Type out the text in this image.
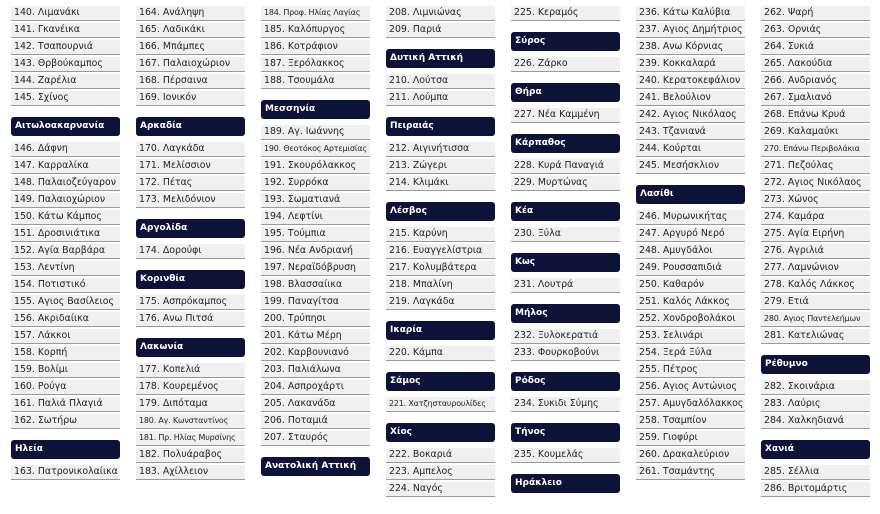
140. Λιμανάκι
141. Γκανέικα
142. Τσαπουρνιά
143. Θρβούκαμπος
144. Ζαρέλια
145. Σχίνος
Αιτωλοακαρνανία
146. Δάφνη
147. Καρραλίκα
148. Παλαιοζεύγαρον
149. Παλαιοχώριον
150. Κάτω Κάμπος
151. Δροσινιάτικα
152. Αγία Βαρβάρα
153. Λεντίνη
154. Ποτιστικό
155. Αγιος Βασίλειος
156. Ακριδαίικα
157. Λάκκοι
158. Κορπή
159. Βολίμι
160. Ρούγα
161. Παλιά Πλαγιά
162. Σωτήρω
Ηλεία
163. Πατρονικολαίικα
164. Ανάληψη
165. Λαδικάκι
166. Μπάμπες
167. Παλαιοχώριον
168. Πέρσαινα
169. Ιονικόν
Αρκαδία
170. Λαγκάδα
171. Μελίσσιον
172. Πέτας
173. Μελιδόνιον
Αργολίδα
174. Δορούφι
Κορινθία
175. Ασπρόκαμπος
176. Ανω Πιτσά
Λακωνία
177. Κοπελιά
178. Κουρεμένος
179. Διπόταμα
180. Αγ. Κωνσταντίνος
181. Πρ. Ηλίας Μυρσίνης
182. Πολυάραβος
183. Αχίλλειον
184. Προφ. Ηλίας Λαγίας
185. Καλόπυργος
186. Κοτράφιον
187. Ξερόλακκος
188. Τσουμάλα
Μεσσηνία
189. Αγ. Ιωάννης
190. Θεοτόκος Αρτεμισίας
191. Σκουρόλακκος
192. Συρρόκα
193. Σωματιανά
194. Λεφτίνι
195. Τούμπια
196. Νέα Ανδριανή
197. Νεραϊδόβρυση
198. Βλασσαίικα
199. Παναγίτσα
200. Τρύπησι
201. Κάτω Μέρη
202. Καρβουνιανό
203. Παλιάλωνα
204. Ασπροχάρτι
205. Λακανάδα
206. Ποταμιά
207. Σταυρός
Ανατολική Αττική
208. Λιμνιώνας
209. Παριά
Δυτική Αττική
210. Λούτσα
211. Λούμπα
Πειραιάς
212. Αιγινήτισσα
213. Ζώγερι
214. Κλιμάκι
Λέσβος
215. Καρύνη
216. Ευαγγελίστρια
217. Κολυμβάτερα
218. Μπαλίνη
219. Λαγκάδα
Ικαρία
220. Κάμπα
Σάμος
221. Χατζησταυρουλίδες
Χίος
222. Βοκαριά
223. Αμπελος
224. Ναγός
225. Κεραμός
Σύρος
226. Ζάρκο
Θήρα
227. Νέα Καμμένη
Κάρπαθος
228. Κυρά Παναγιά
229. Μυρτώνας
Κέα
230. Ξύλα
Κως
231. Λουτρά
Μήλος
232. Ξυλοκερατιά
233. Φουρκοβούνι
Ρόδος
234. Συκιδι Σύμης
Τήνος
235. Κουμελάς
Ηράκλειο
236. Κάτω Καλύβια
237. Αγιος Δημήτριος
238. Ανω Κόρνιας
239. Κοκκαλαρά
240. Κερατοκεφάλιον
241. Βελούλιον
242. Αγιος Νικόλαος
243. Τζανιανά
244. Κούρται
245. Μεσήσκλιον
Λασίθι
246. Μυρωνικήτας
247. Αργυρό Νερό
248. Αμυγδάλοι
249. Ρουσσαπιδιά
250. Καθαρόν
251. Καλός Λάκκος
252. Χονδροβολάκοι
253. Σελινάρι
254. Ξερά Ξύλα
255. Πέτρος
256. Αγιος Αντώνιος
257. Αμυγδαλόλακκος
258. Τσαμπίον
259. Γιοφύρι
260. Δρακαλεύριον
261. Τσαμάντης
262. Ψαρή
263. Ορνιάς
264. Συκιά
265. Λακούδια
266. Ανδριανός
267. Σμαλιανό
268. Επάνω Κρυά
269. Καλαμαύκι
270. Επάνω Περιβολάκια
271. Πεζούλας
272. Αγιος Νικόλαος
273. Χώνος
274. Καμάρα
275. Αγία Ειρήνη
276. Αγριλιά
277. Λαμνώνιον
278. Καλός Λάκκος
279. Ετιά
280. Αγιος Παντελεήμων
281. Κατελιώνας
Ρέθυμνο
282. Σκοινάρια
283. Λαύρις
284. Χαλκηδιανά
Χανιά
285. Σέλλια
286. Βριτομάρτις
